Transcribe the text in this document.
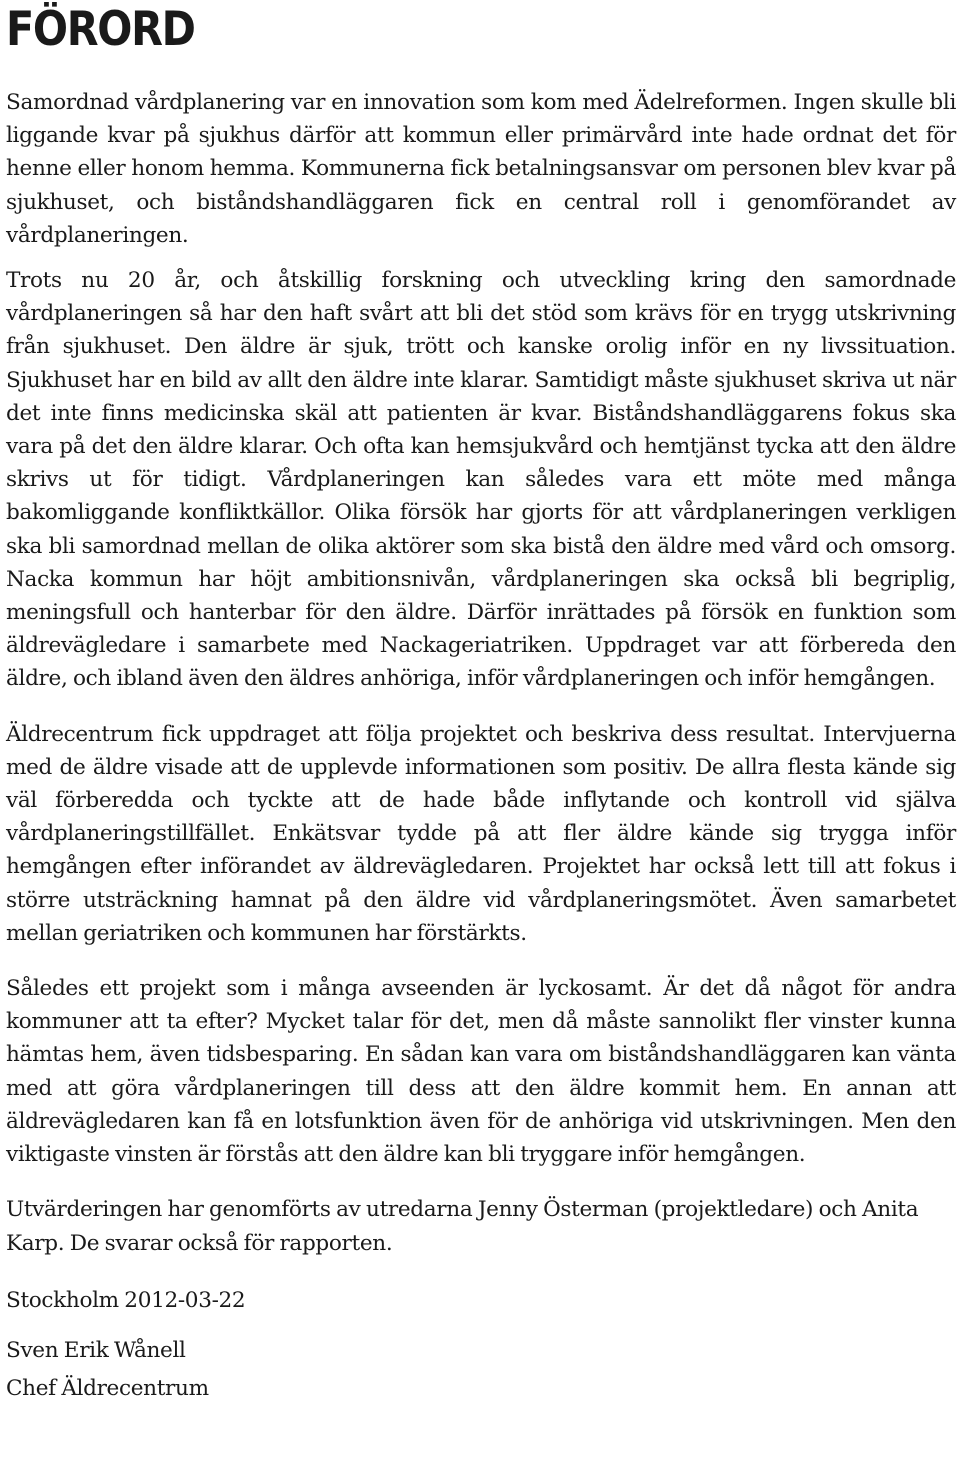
FÖRORD

Samordnad vårdplanering var en innovation som kom med Ädelreformen. Ingen skulle bli liggande kvar på sjukhus därför att kommun eller primärvård inte hade ordnat det för henne eller honom hemma. Kommunerna fick betalningsansvar om personen blev kvar på sjukhuset, och biståndshandläggaren fick en central roll i genomförandet av vårdplaneringen.

Trots nu 20 år, och åtskillig forskning och utveckling kring den samordnade vårdplaneringen så har den haft svårt att bli det stöd som krävs för en trygg utskrivning från sjukhuset. Den äldre är sjuk, trött och kanske orolig inför en ny livssituation. Sjukhuset har en bild av allt den äldre inte klarar. Samtidigt måste sjukhuset skriva ut när det inte finns medicinska skäl att patienten är kvar. Biståndshandläggarens fokus ska vara på det den äldre klarar. Och ofta kan hemsjukvård och hemtjänst tycka att den äldre skrivs ut för tidigt. Vårdplaneringen kan således vara ett möte med många bakomliggande konfliktkällor. Olika försök har gjorts för att vårdplaneringen verkligen ska bli samordnad mellan de olika aktörer som ska bistå den äldre med vård och omsorg. Nacka kommun har höjt ambitionsnivån, vårdplaneringen ska också bli begriplig, meningsfull och hanterbar för den äldre. Därför inrättades på försök en funktion som äldrevägledare i samarbete med Nackageriatriken. Uppdraget var att förbereda den äldre, och ibland även den äldres anhöriga, inför vårdplaneringen och inför hemgången.

Äldrecentrum fick uppdraget att följa projektet och beskriva dess resultat. Intervjuerna med de äldre visade att de upplevde informationen som positiv. De allra flesta kände sig väl förberedda och tyckte att de hade både inflytande och kontroll vid själva vårdplaneringstillfället. Enkätsvar tydde på att fler äldre kände sig trygga inför hemgången efter införandet av äldrevägledaren. Projektet har också lett till att fokus i större utsträckning hamnat på den äldre vid vårdplaneringsmötet. Även samarbetet mellan geriatriken och kommunen har förstärkts.

Således ett projekt som i många avseenden är lyckosamt. Är det då något för andra kommuner att ta efter? Mycket talar för det, men då måste sannolikt fler vinster kunna hämtas hem, även tidsbesparing. En sådan kan vara om biståndshandläggaren kan vänta med att göra vårdplaneringen till dess att den äldre kommit hem. En annan att äldrevägledaren kan få en lotsfunktion även för de anhöriga vid utskrivningen. Men den viktigaste vinsten är förstås att den äldre kan bli tryggare inför hemgången.

Utvärderingen har genomförts av utredarna Jenny Österman (projektledare) och Anita Karp. De svarar också för rapporten.

Stockholm 2012-03-22

Sven Erik Wånell

Chef Äldrecentrum
